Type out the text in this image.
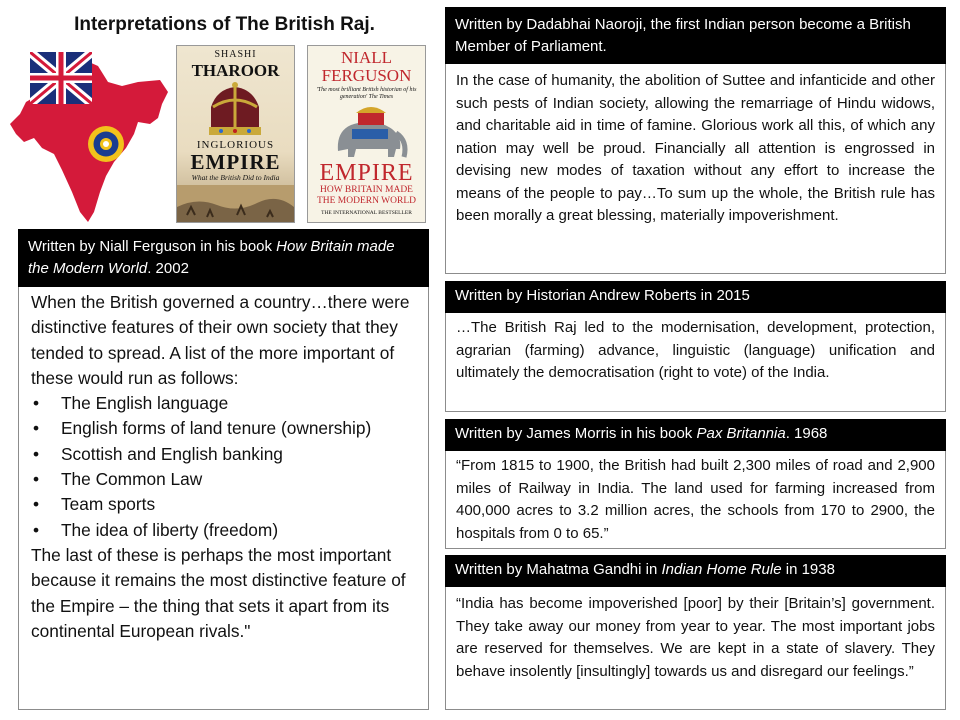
Interpretations of The British Raj.
SHASHI
THAROOR
INGLORIOUS
EMPIRE
What the British Did to India
NIALL
FERGUSON
'The most brilliant British historian of his generation' The Times
EMPIRE
HOW BRITAIN MADE
THE MODERN WORLD
THE INTERNATIONAL BESTSELLER
Written by Niall Ferguson in his book How Britain made the Modern World. 2002
When the British governed a country…there were distinctive features of their own society that they tended to spread. A list of the more important of these would run as follows:
• The English language
• English forms of land tenure (ownership)
• Scottish and English banking
• The Common Law
• Team sports
• The idea of liberty (freedom)
The last of these is perhaps the most important because it remains the most distinctive feature of the Empire – the thing that sets it apart from its continental European rivals."
Written by Dadabhai Naoroji, the first Indian person become a British Member of Parliament.
In the case of humanity, the abolition of Suttee and infanticide and other such pests of Indian society, allowing the remarriage of Hindu widows, and charitable aid in time of famine. Glorious work all this, of which any nation may well be proud. Financially all attention is engrossed in devising new modes of taxation without any effort to increase the means of the people to pay…To sum up the whole, the British rule has been morally a great blessing, materially impoverishment.
Written by Historian Andrew Roberts in 2015
…The British Raj led to the modernisation, development, protection, agrarian (farming) advance, linguistic (language) unification and ultimately the democratisation (right to vote) of the India.
Written by James Morris in his book Pax Britannia. 1968
“From 1815 to 1900, the British had built 2,300 miles of road and 2,900 miles of Railway in India. The land used for farming increased from 400,000 acres to 3.2 million acres, the schools from 170 to 2900, the hospitals from 0 to 65.”
Written by Mahatma Gandhi in Indian Home Rule in 1938
“India has become impoverished [poor] by their [Britain’s] government. They take away our money from year to year. The most important jobs are reserved for themselves. We are kept in a state of slavery. They behave insolently [insultingly] towards us and disregard our feelings.”
